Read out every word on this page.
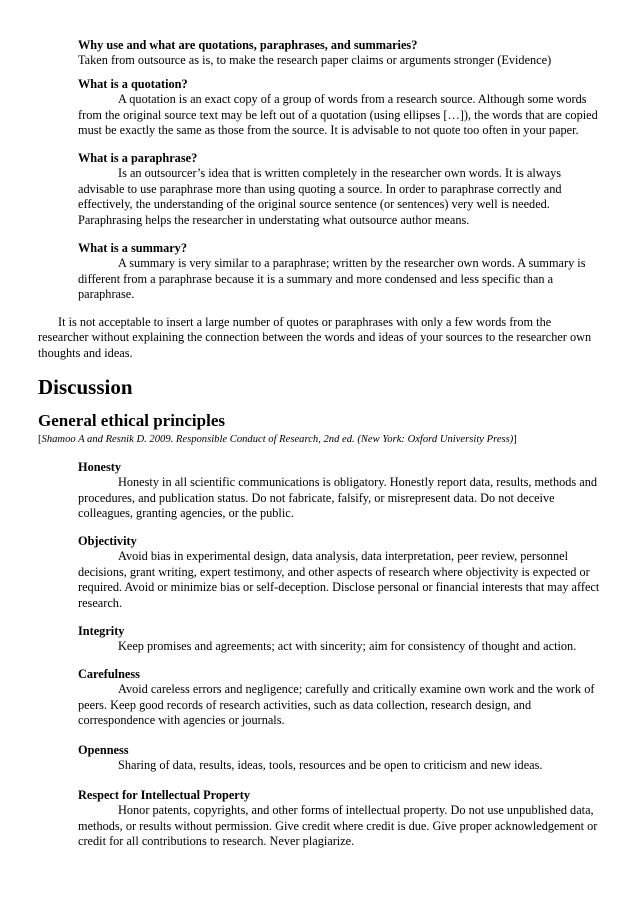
Why use and what are quotations, paraphrases, and summaries?

Taken from outsource as is, to make the research paper claims or arguments stronger (Evidence)

What is a quotation?

A quotation is an exact copy of a group of words from a research source. Although some words from the original source text may be left out of a quotation (using ellipses […]), the words that are copied must be exactly the same as those from the source. It is advisable to not quote too often in your paper.

What is a paraphrase?

Is an outsourcer’s idea that is written completely in the researcher own words. It is always advisable to use paraphrase more than using quoting a source. In order to paraphrase correctly and effectively, the understanding of the original source sentence (or sentences) very well is needed. Paraphrasing helps the researcher in understating what outsource author means.

What is a summary?

A summary is very similar to a paraphrase; written by the researcher own words. A summary is different from a paraphrase because it is a summary and more condensed and less specific than a paraphrase.

It is not acceptable to insert a large number of quotes or paraphrases with only a few words from the researcher without explaining the connection between the words and ideas of your sources to the researcher own thoughts and ideas.

Discussion
General ethical principles
[Shamoo A and Resnik D. 2009. Responsible Conduct of Research, 2nd ed. (New York: Oxford University Press)]

Honesty

Honesty in all scientific communications is obligatory. Honestly report data, results, methods and procedures, and publication status. Do not fabricate, falsify, or misrepresent data. Do not deceive colleagues, granting agencies, or the public.

Objectivity

Avoid bias in experimental design, data analysis, data interpretation, peer review, personnel decisions, grant writing, expert testimony, and other aspects of research where objectivity is expected or required. Avoid or minimize bias or self-deception. Disclose personal or financial interests that may affect research.

Integrity

Keep promises and agreements; act with sincerity; aim for consistency of thought and action.

Carefulness

Avoid careless errors and negligence; carefully and critically examine own work and the work of peers. Keep good records of research activities, such as data collection, research design, and correspondence with agencies or journals.

Openness

Sharing of data, results, ideas, tools, resources and be open to criticism and new ideas.

Respect for Intellectual Property

Honor patents, copyrights, and other forms of intellectual property. Do not use unpublished data, methods, or results without permission. Give credit where credit is due. Give proper acknowledgement or credit for all contributions to research. Never plagiarize.
